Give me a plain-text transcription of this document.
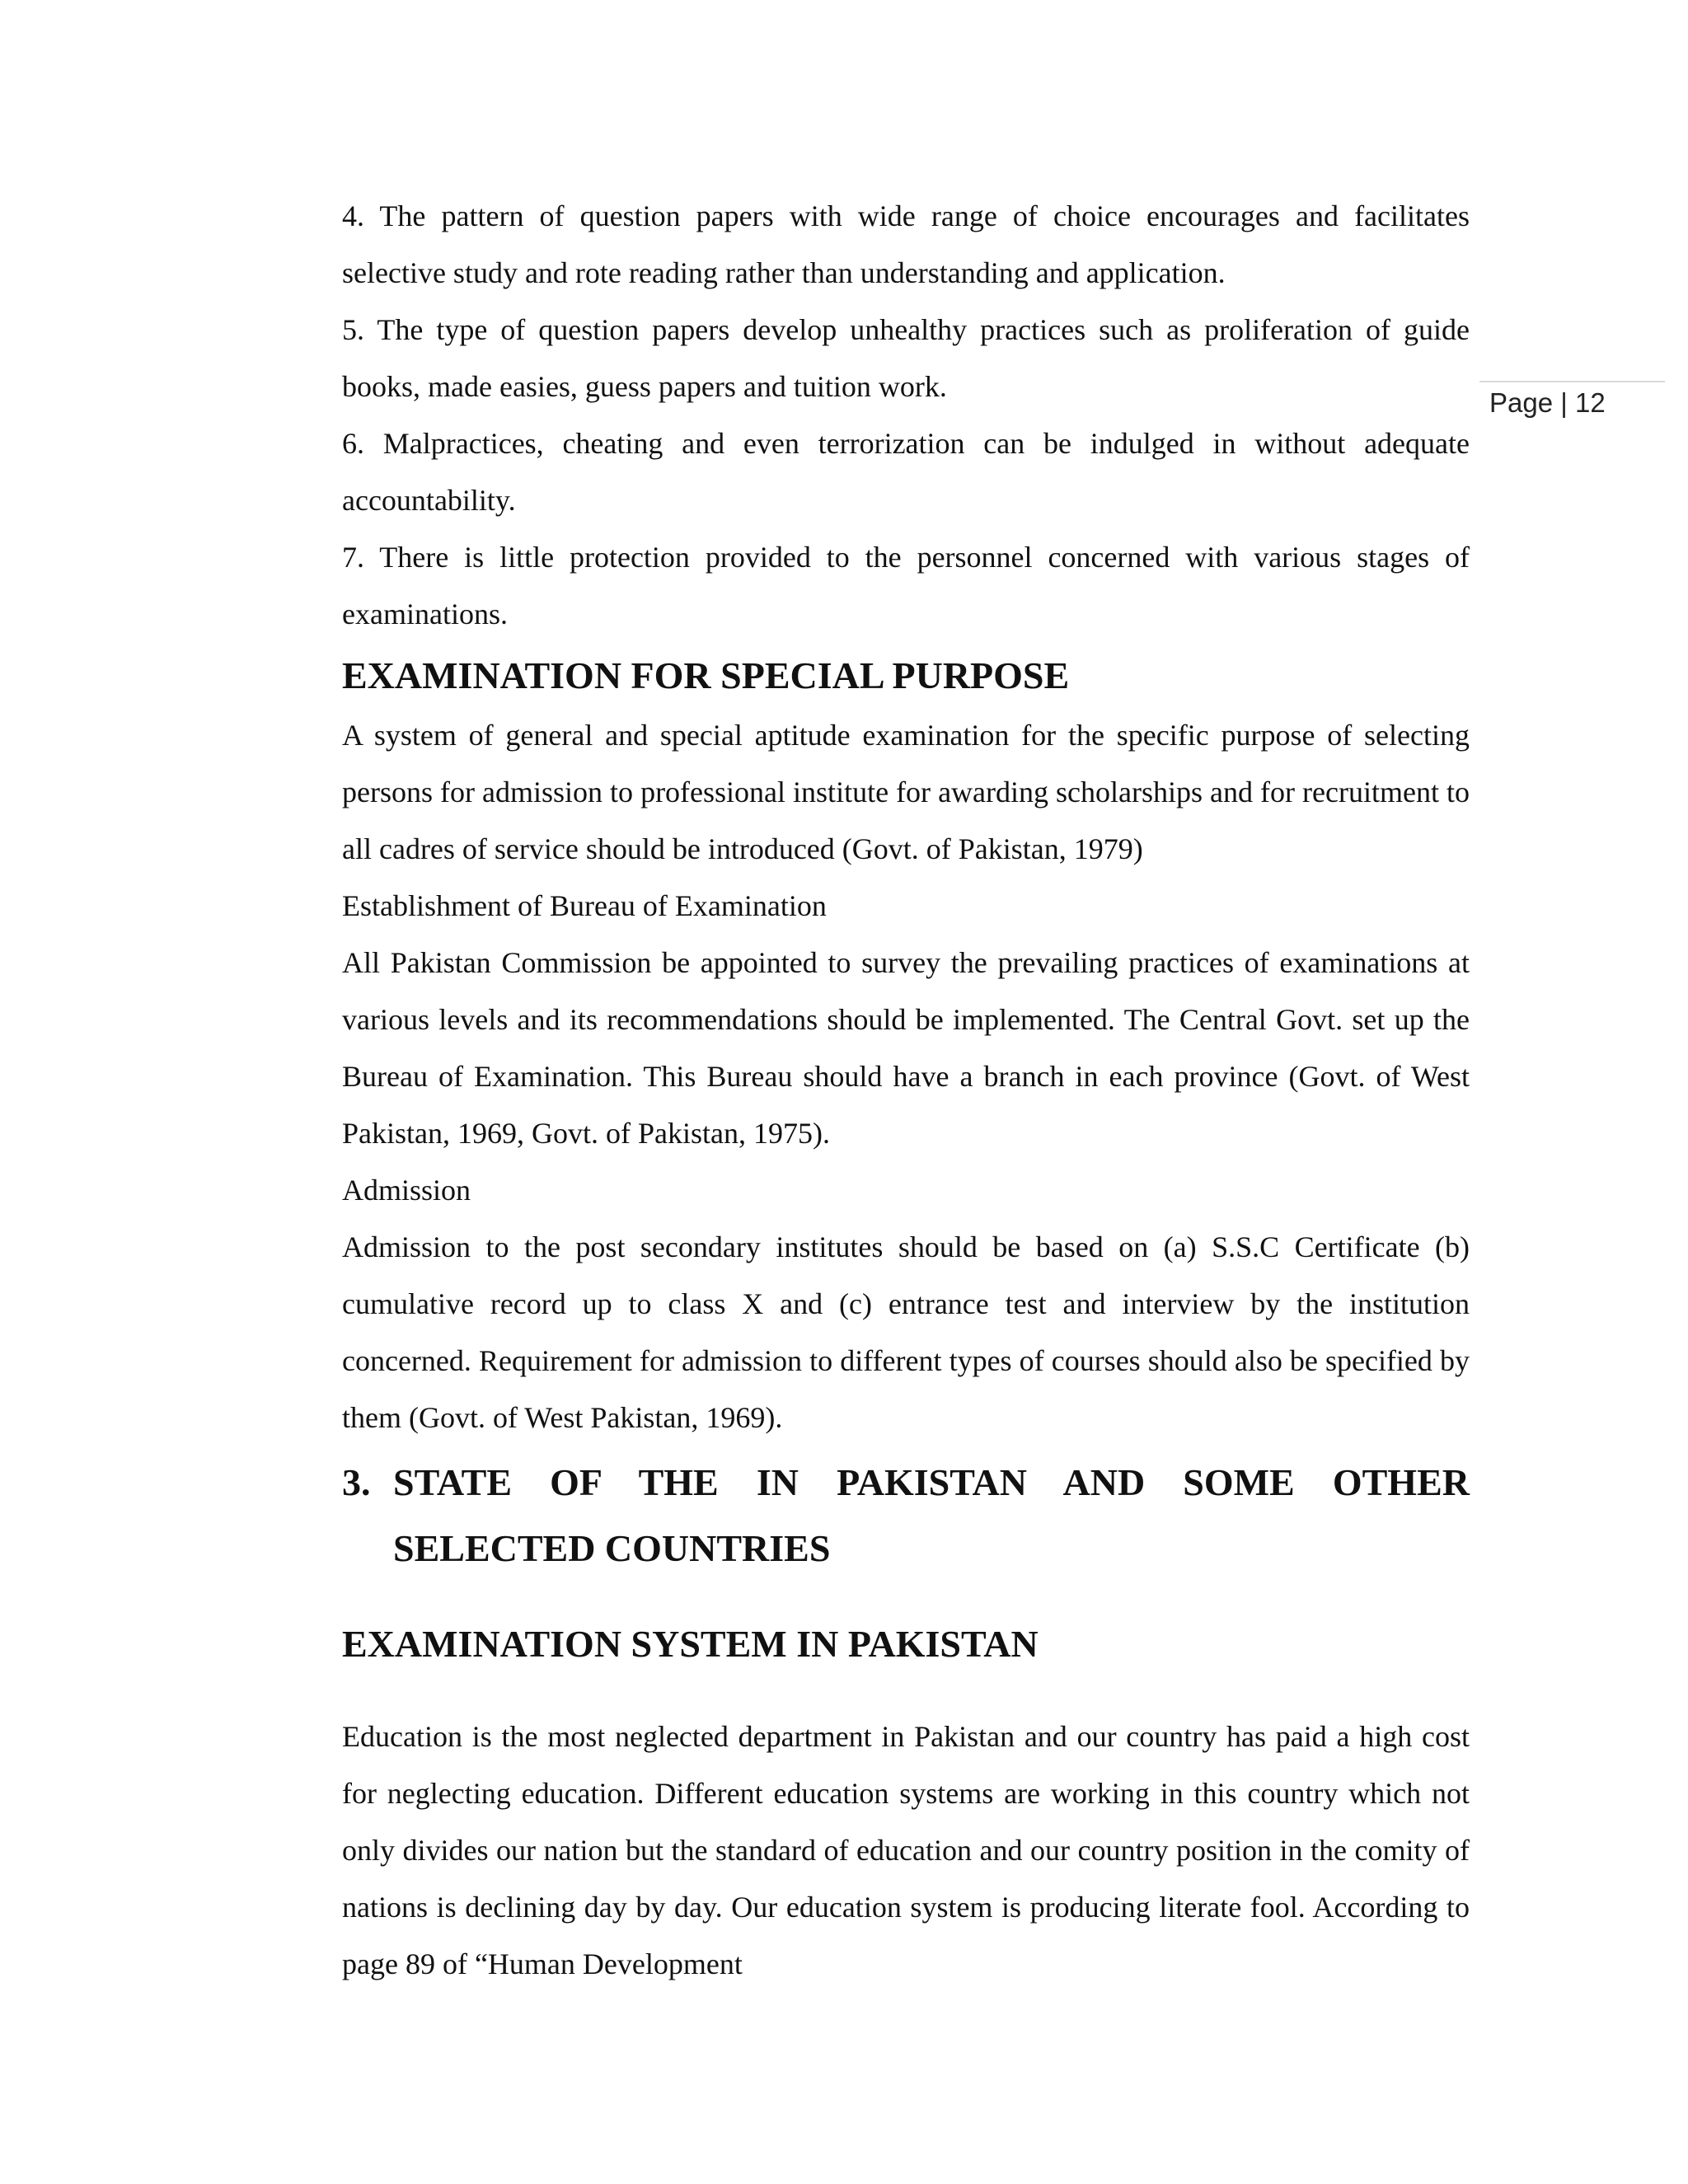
Page | 12

4. The pattern of question papers with wide range of choice encourages and facilitates selective study and rote reading rather than understanding and application.

5. The type of question papers develop unhealthy practices such as proliferation of guide books, made easies, guess papers and tuition work.

6. Malpractices, cheating and even terrorization can be indulged in without adequate accountability.

7. There is little protection provided to the personnel concerned with various stages of examinations.

EXAMINATION FOR SPECIAL PURPOSE

A system of general and special aptitude examination for the specific purpose of selecting persons for admission to professional institute for awarding scholarships and for recruitment to all cadres of service should be introduced (Govt. of Pakistan, 1979)

Establishment of Bureau of Examination

All Pakistan Commission be appointed to survey the prevailing practices of examinations at various levels and its recommendations should be implemented. The Central Govt. set up the Bureau of Examination. This Bureau should have a branch in each province (Govt. of West Pakistan, 1969, Govt. of Pakistan, 1975).

Admission

Admission to the post secondary institutes should be based on (a) S.S.C Certificate (b) cumulative record up to class X and (c) entrance test and interview by the institution concerned. Requirement for admission to different types of courses should also be specified by them (Govt. of West Pakistan, 1969).

3. STATE OF THE IN PAKISTAN AND SOME OTHER
SELECTED COUNTRIES
EXAMINATION SYSTEM IN PAKISTAN

Education is the most neglected department in Pakistan and our country has paid a high cost for neglecting education. Different education systems are working in this country which not only divides our nation but the standard of education and our country position in the comity of nations is declining day by day. Our education system is producing literate fool. According to page 89 of “Human Development
